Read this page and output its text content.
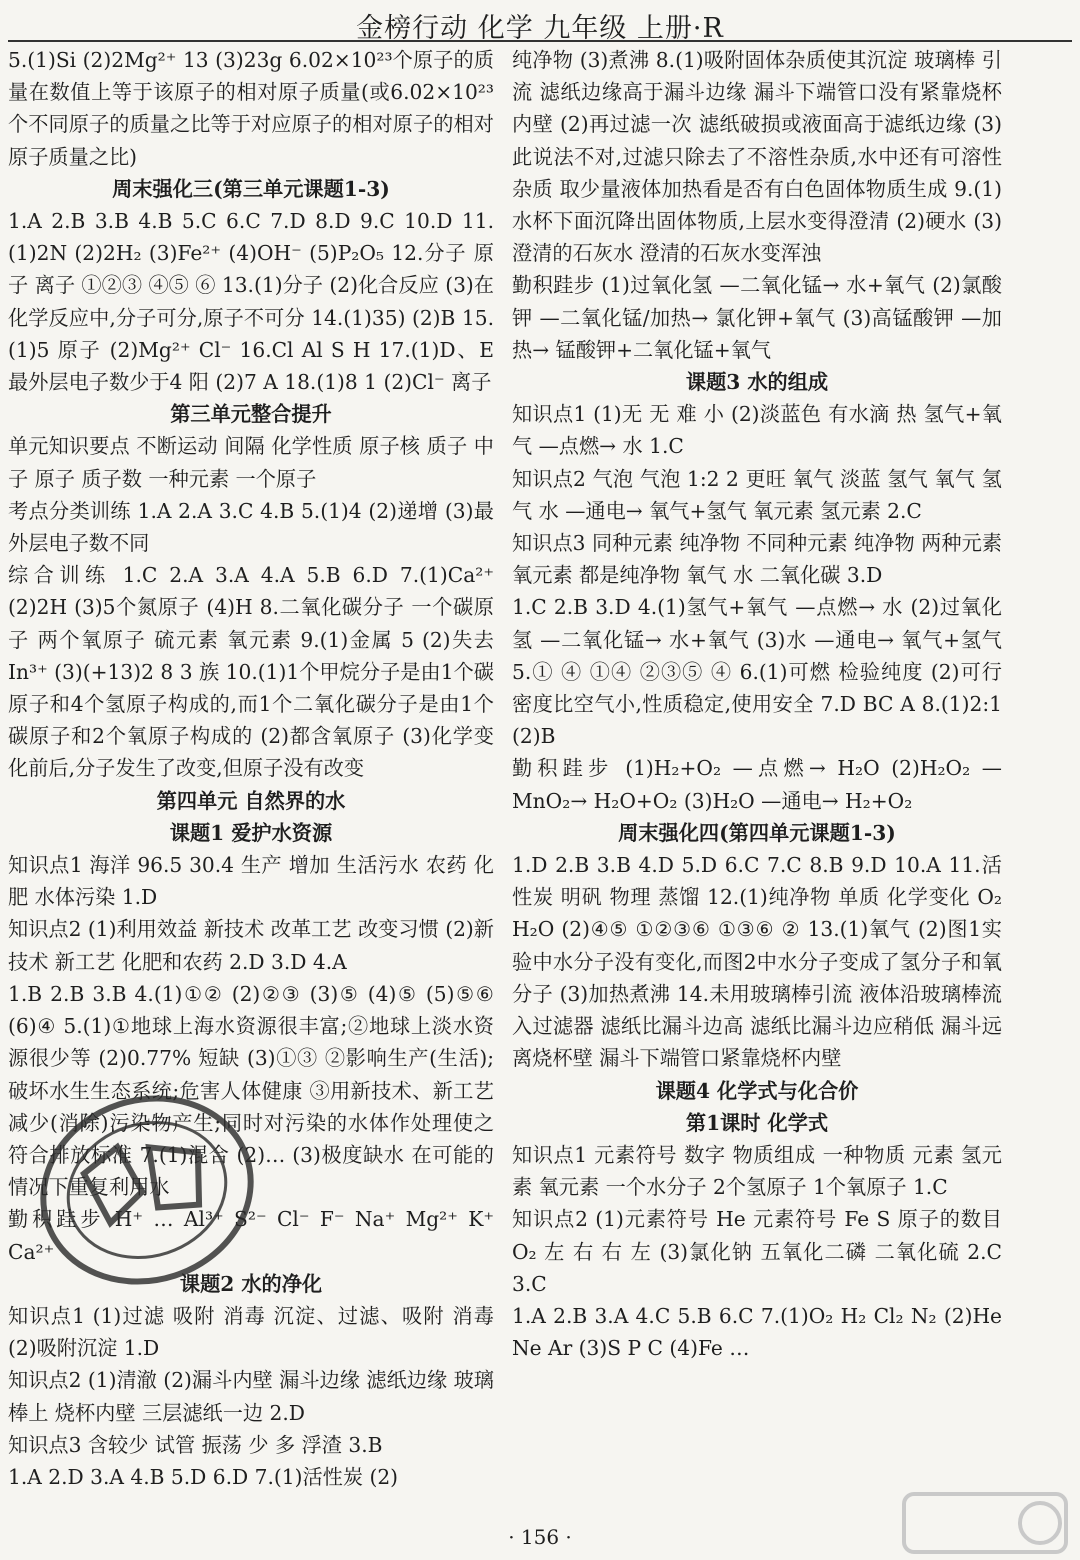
金榜行动 化学 九年级 上册·R

5.(1)Si (2)2Mg²⁺ 13 (3)23g 6.02×10²³个原子的质量在数值上等于该原子的相对原子质量(或6.02×10²³个不同原子的质量之比等于对应原子的相对原子的相对原子质量之比)

周末强化三(第三单元课题1-3)

1.A 2.B 3.B 4.B 5.C 6.C 7.D 8.D 9.C 10.D 11.(1)2N (2)2H₂ (3)Fe²⁺ (4)OH⁻ (5)P₂O₅ 12.分子 原子 离子 ①②③ ④⑤ ⑥ 13.(1)分子 (2)化合反应 (3)在化学反应中,分子可分,原子不可分 14.(1)35) (2)B 15.(1)5 原子 (2)Mg²⁺ Cl⁻ 16.Cl Al S H 17.(1)D、E 最外层电子数少于4 阳 (2)7 A 18.(1)8 1 (2)Cl⁻ 离子

第三单元整合提升

单元知识要点 不断运动 间隔 化学性质 原子核 质子 中子 原子 质子数 一种元素 一个原子

考点分类训练 1.A 2.A 3.C 4.B 5.(1)4 (2)递增 (3)最外层电子数不同

综合训练 1.C 2.A 3.A 4.A 5.B 6.D 7.(1)Ca²⁺ (2)2H (3)5个氮原子 (4)H 8.二氧化碳分子 一个碳原子 两个氧原子 硫元素 氧元素 9.(1)金属 5 (2)失去 In³⁺ (3)(+13)2 8 3 族 10.(1)1个甲烷分子是由1个碳原子和4个氢原子构成的,而1个二氧化碳分子是由1个碳原子和2个氧原子构成的 (2)都含氧原子 (3)化学变化前后,分子发生了改变,但原子没有改变

第四单元 自然界的水

课题1 爱护水资源

知识点1 海洋 96.5 30.4 生产 增加 生活污水 农药 化肥 水体污染 1.D

知识点2 (1)利用效益 新技术 改革工艺 改变习惯 (2)新技术 新工艺 化肥和农药 2.D 3.D 4.A

1.B 2.B 3.B 4.(1)①② (2)②③ (3)⑤ (4)⑤ (5)⑤⑥ (6)④ 5.(1)①地球上海水资源很丰富;②地球上淡水资源很少等 (2)0.77% 短缺 (3)①③ ②影响生产(生活);破坏水生生态系统;危害人体健康 ③用新技术、新工艺减少(消除)污染物产生;同时对污染的水体作处理使之符合排放标准 7.(1)混合 (2)… (3)极度缺水 在可能的情况下重复利用水

勤积跬步 H⁺ … Al³⁺ S²⁻ Cl⁻ F⁻ Na⁺ Mg²⁺ K⁺ Ca²⁺

课题2 水的净化

知识点1 (1)过滤 吸附 消毒 沉淀、过滤、吸附 消毒 (2)吸附沉淀 1.D

知识点2 (1)清澈 (2)漏斗内壁 漏斗边缘 滤纸边缘 玻璃棒上 烧杯内壁 三层滤纸一边 2.D

知识点3 含较少 试管 振荡 少 多 浮渣 3.B

1.A 2.D 3.A 4.B 5.D 6.D 7.(1)活性炭 (2)

纯净物 (3)煮沸 8.(1)吸附固体杂质使其沉淀 玻璃棒 引流 滤纸边缘高于漏斗边缘 漏斗下端管口没有紧靠烧杯内壁 (2)再过滤一次 滤纸破损或液面高于滤纸边缘 (3)此说法不对,过滤只除去了不溶性杂质,水中还有可溶性杂质 取少量液体加热看是否有白色固体物质生成 9.(1)水杯下面沉降出固体物质,上层水变得澄清 (2)硬水 (3)澄清的石灰水 澄清的石灰水变浑浊

勤积跬步 (1)过氧化氢 —二氧化锰→ 水+氧气 (2)氯酸钾 —二氧化锰/加热→ 氯化钾+氧气 (3)高锰酸钾 —加热→ 锰酸钾+二氧化锰+氧气

课题3 水的组成

知识点1 (1)无 无 难 小 (2)淡蓝色 有水滴 热 氢气+氧气 —点燃→ 水 1.C

知识点2 气泡 气泡 1:2 2 更旺 氧气 淡蓝 氢气 氧气 氢气 水 —通电→ 氧气+氢气 氧元素 氢元素 2.C

知识点3 同种元素 纯净物 不同种元素 纯净物 两种元素 氧元素 都是纯净物 氧气 水 二氧化碳 3.D

1.C 2.B 3.D 4.(1)氢气+氧气 —点燃→ 水 (2)过氧化氢 —二氧化锰→ 水+氧气 (3)水 —通电→ 氧气+氢气 5.① ④ ①④ ②③⑤ ④ 6.(1)可燃 检验纯度 (2)可行 密度比空气小,性质稳定,使用安全 7.D BC A 8.(1)2:1 (2)B

勤积跬步 (1)H₂+O₂ —点燃→ H₂O (2)H₂O₂ —MnO₂→ H₂O+O₂ (3)H₂O —通电→ H₂+O₂

周末强化四(第四单元课题1-3)

1.D 2.B 3.B 4.D 5.D 6.C 7.C 8.B 9.D 10.A 11.活性炭 明矾 物理 蒸馏 12.(1)纯净物 单质 化学变化 O₂ H₂O (2)④⑤ ①②③⑥ ①③⑥ ② 13.(1)氧气 (2)图1实验中水分子没有变化,而图2中水分子变成了氢分子和氧分子 (3)加热煮沸 14.未用玻璃棒引流 液体沿玻璃棒流入过滤器 滤纸比漏斗边高 滤纸比漏斗边应稍低 漏斗远离烧杯壁 漏斗下端管口紧靠烧杯内壁

课题4 化学式与化合价

第1课时 化学式

知识点1 元素符号 数字 物质组成 一种物质 元素 氢元素 氧元素 一个水分子 2个氢原子 1个氧原子 1.C

知识点2 (1)元素符号 He 元素符号 Fe S 原子的数目 O₂ 左 右 右 左 (3)氯化钠 五氧化二磷 二氧化硫 2.C 3.C

1.A 2.B 3.A 4.C 5.B 6.C 7.(1)O₂ H₂ Cl₂ N₂ (2)He Ne Ar (3)S P C (4)Fe …

· 156 ·
